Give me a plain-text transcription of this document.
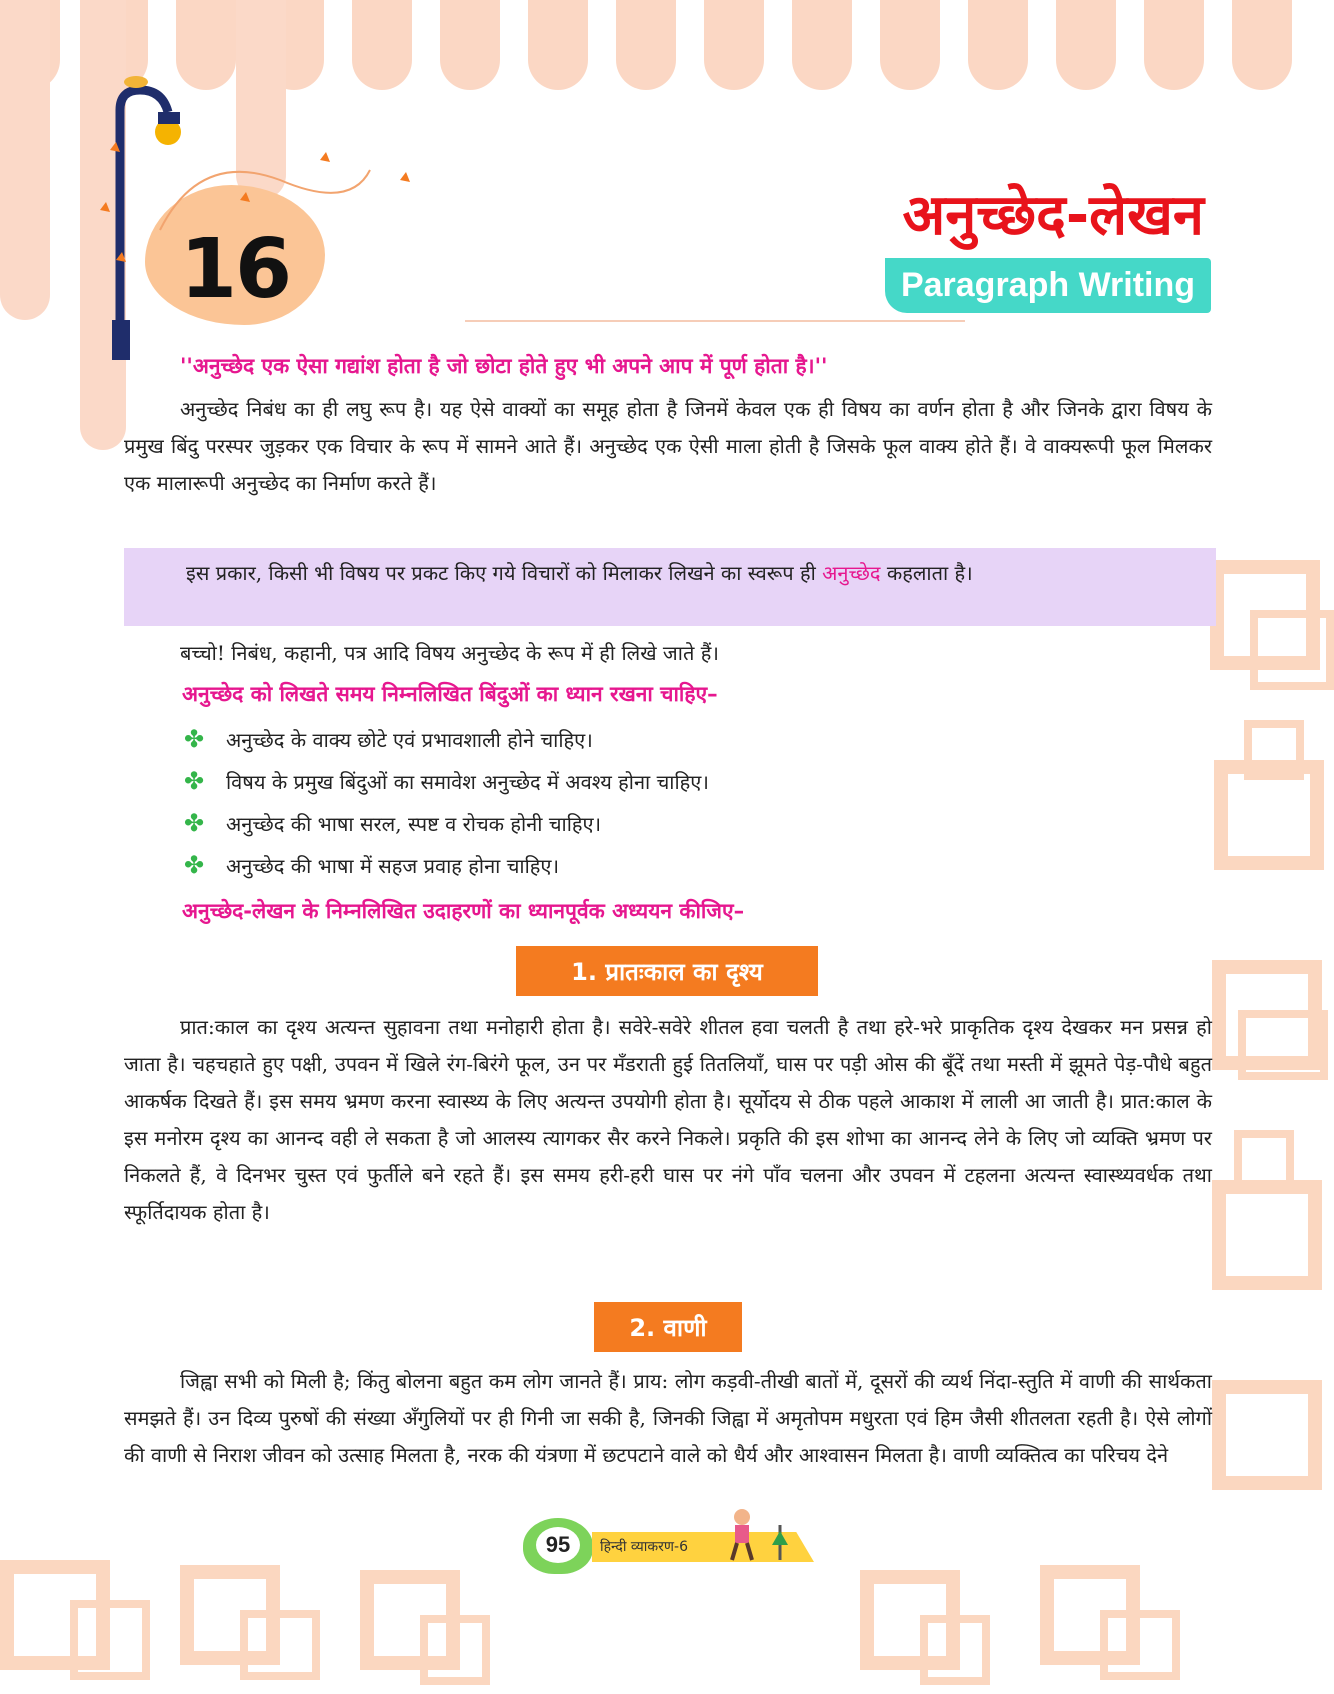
16
अनुच्छेद-लेखन
Paragraph Writing
''अनुच्छेद एक ऐसा गद्यांश होता है जो छोटा होते हुए भी अपने आप में पूर्ण होता है।''
अनुच्छेद निबंध का ही लघु रूप है। यह ऐसे वाक्यों का समूह होता है जिनमें केवल एक ही विषय का वर्णन होता है और जिनके द्वारा विषय के प्रमुख बिंदु परस्पर जुड़कर एक विचार के रूप में सामने आते हैं। अनुच्छेद एक ऐसी माला होती है जिसके फूल वाक्य होते हैं। वे वाक्यरूपी फूल मिलकर एक मालारूपी अनुच्छेद का निर्माण करते हैं।
इस प्रकार, किसी भी विषय पर प्रकट किए गये विचारों को मिलाकर लिखने का स्वरूप ही अनुच्छेद कहलाता है।
बच्चो! निबंध, कहानी, पत्र आदि विषय अनुच्छेद के रूप में ही लिखे जाते हैं।
अनुच्छेद को लिखते समय निम्नलिखित बिंदुओं का ध्यान रखना चाहिए–
✤	अनुच्छेद के वाक्य छोटे एवं प्रभावशाली होने चाहिए।
✤	विषय के प्रमुख बिंदुओं का समावेश अनुच्छेद में अवश्य होना चाहिए।
✤	अनुच्छेद की भाषा सरल, स्पष्ट व रोचक होनी चाहिए।
✤	अनुच्छेद की भाषा में सहज प्रवाह होना चाहिए।
अनुच्छेद-लेखन के निम्नलिखित उदाहरणों का ध्यानपूर्वक अध्ययन कीजिए–
1. प्रातःकाल का दृश्य
प्रात:काल का दृश्य अत्यन्त सुहावना तथा मनोहारी होता है। सवेरे-सवेरे शीतल हवा चलती है तथा हरे-भरे प्राकृतिक दृश्य देखकर मन प्रसन्न हो जाता है। चहचहाते हुए पक्षी, उपवन में खिले रंग-बिरंगे फूल, उन पर मँडराती हुई तितलियाँ, घास पर पड़ी ओस की बूँदें तथा मस्ती में झूमते पेड़-पौधे बहुत आकर्षक दिखते हैं। इस समय भ्रमण करना स्वास्थ्य के लिए अत्यन्त उपयोगी होता है। सूर्योदय से ठीक पहले आकाश में लाली आ जाती है। प्रात:काल के इस मनोरम दृश्य का आनन्द वही ले सकता है जो आलस्य त्यागकर सैर करने निकले। प्रकृति की इस शोभा का आनन्द लेने के लिए जो व्यक्ति भ्रमण पर निकलते हैं, वे दिनभर चुस्त एवं फुर्तीले बने रहते हैं। इस समय हरी-हरी घास पर नंगे पाँव चलना और उपवन में टहलना अत्यन्त स्वास्थ्यवर्धक तथा स्फूर्तिदायक होता है।
2. वाणी
जिह्वा सभी को मिली है; किंतु बोलना बहुत कम लोग जानते हैं। प्राय: लोग कड़वी-तीखी बातों में, दूसरों की व्यर्थ निंदा-स्तुति में वाणी की सार्थकता समझते हैं। उन दिव्य पुरुषों की संख्या अँगुलियों पर ही गिनी जा सकी है, जिनकी जिह्वा में अमृतोपम मधुरता एवं हिम जैसी शीतलता रहती है। ऐसे लोगों की वाणी से निराश जीवन को उत्साह मिलता है, नरक की यंत्रणा में छटपटाने वाले को धैर्य और आश्वासन मिलता है। वाणी व्यक्तित्व का परिचय देने
95	हिन्दी व्याकरण-6
